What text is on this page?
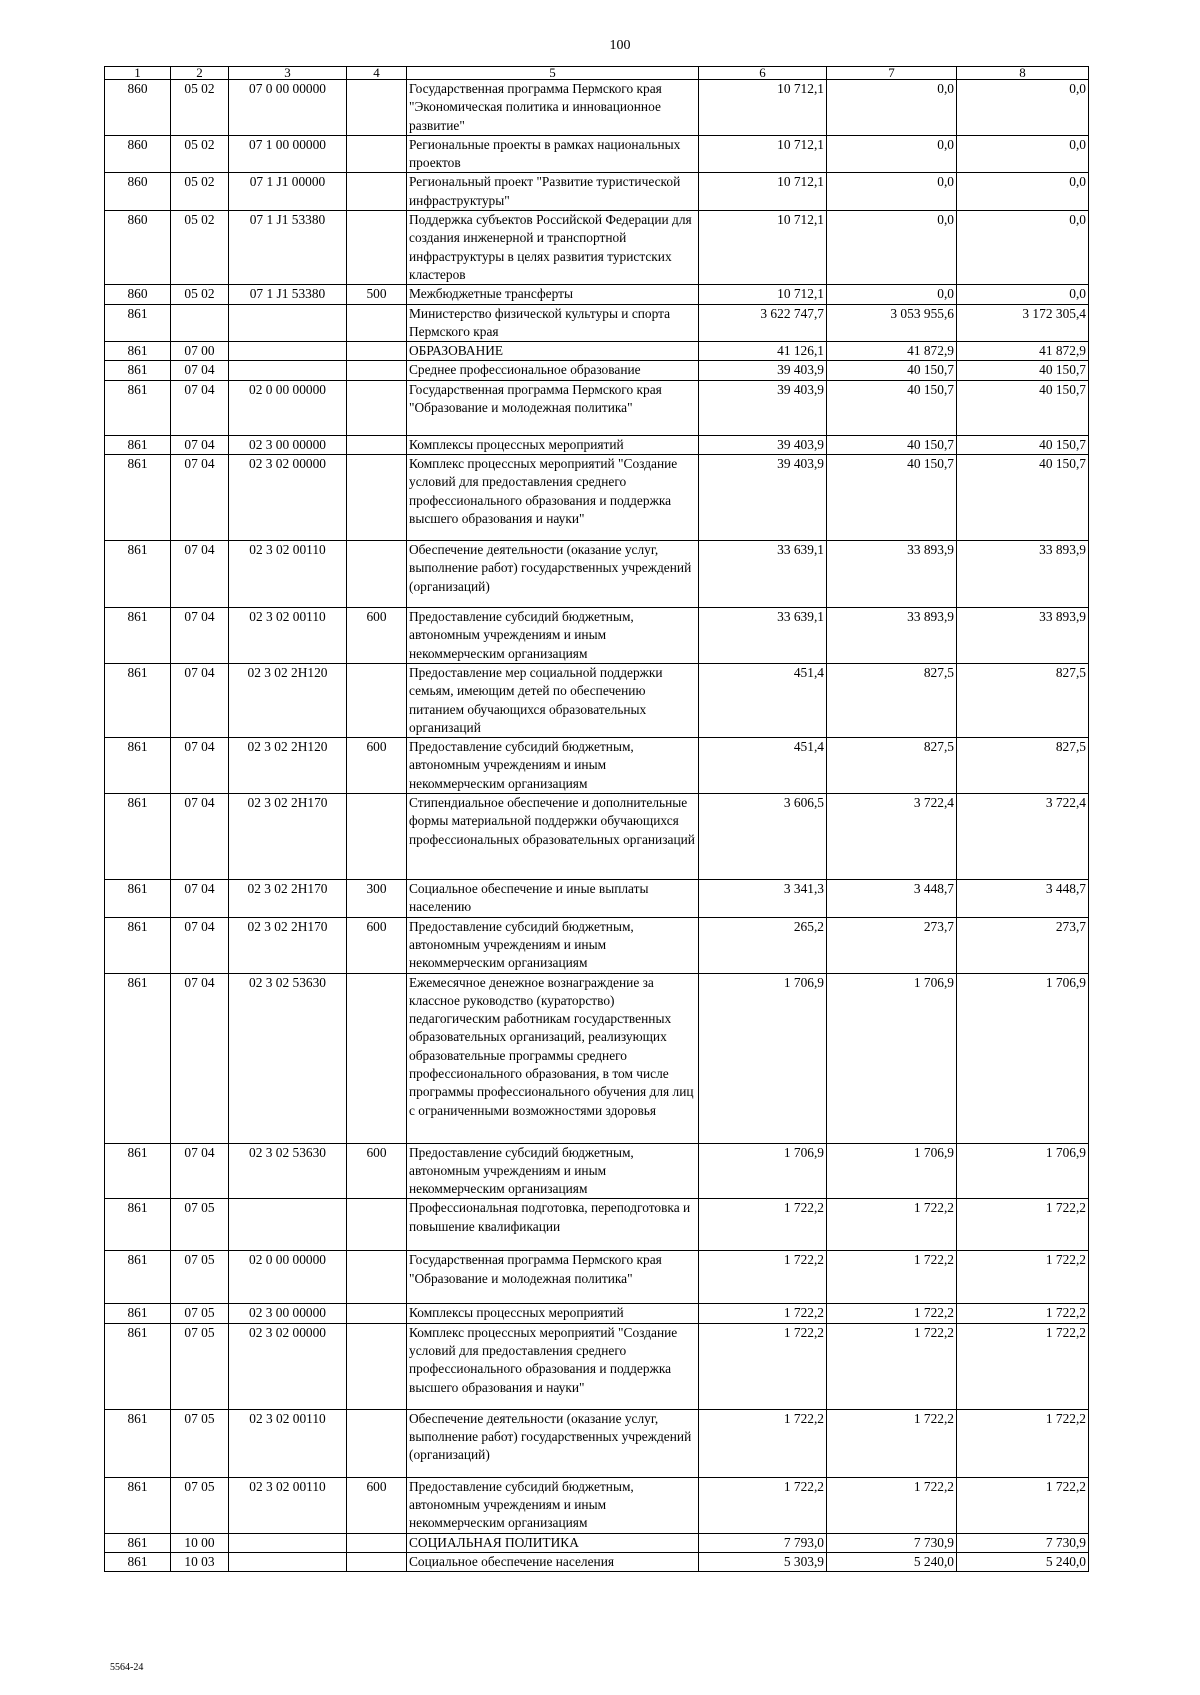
100
1	2	3	4	5	6	7	8
860	05 02	07 0 00 00000		Государственная программа Пермского края "Экономическая политика и инновационное развитие"	10 712,1	0,0	0,0
860	05 02	07 1 00 00000		Региональные проекты в рамках национальных проектов	10 712,1	0,0	0,0
860	05 02	07 1 J1 00000		Региональный проект "Развитие туристической инфраструктуры"	10 712,1	0,0	0,0
860	05 02	07 1 J1 53380		Поддержка субъектов Российской Федерации для создания инженерной и транспортной инфраструктуры в целях развития туристских кластеров	10 712,1	0,0	0,0
860	05 02	07 1 J1 53380	500	Межбюджетные трансферты	10 712,1	0,0	0,0
861				Министерство физической культуры и спорта Пермского края	3 622 747,7	3 053 955,6	3 172 305,4
861	07 00			ОБРАЗОВАНИЕ	41 126,1	41 872,9	41 872,9
861	07 04			Среднее профессиональное образование	39 403,9	40 150,7	40 150,7
861	07 04	02 0 00 00000		Государственная программа Пермского края "Образование и молодежная политика"	39 403,9	40 150,7	40 150,7
861	07 04	02 3 00 00000		Комплексы процессных мероприятий	39 403,9	40 150,7	40 150,7
861	07 04	02 3 02 00000		Комплекс процессных мероприятий "Создание условий для предоставления среднего профессионального образования и поддержка высшего образования и науки"	39 403,9	40 150,7	40 150,7
861	07 04	02 3 02 00110		Обеспечение деятельности (оказание услуг, выполнение работ) государственных учреждений (организаций)	33 639,1	33 893,9	33 893,9
861	07 04	02 3 02 00110	600	Предоставление субсидий бюджетным, автономным учреждениям и иным некоммерческим организациям	33 639,1	33 893,9	33 893,9
861	07 04	02 3 02 2Н120		Предоставление мер социальной поддержки семьям, имеющим детей по обеспечению питанием обучающихся образовательных организаций	451,4	827,5	827,5
861	07 04	02 3 02 2Н120	600	Предоставление субсидий бюджетным, автономным учреждениям и иным некоммерческим организациям	451,4	827,5	827,5
861	07 04	02 3 02 2Н170		Стипендиальное обеспечение и дополнительные формы материальной поддержки обучающихся профессиональных образовательных организаций	3 606,5	3 722,4	3 722,4
861	07 04	02 3 02 2Н170	300	Социальное обеспечение и иные выплаты населению	3 341,3	3 448,7	3 448,7
861	07 04	02 3 02 2Н170	600	Предоставление субсидий бюджетным, автономным учреждениям и иным некоммерческим организациям	265,2	273,7	273,7
861	07 04	02 3 02 53630		Ежемесячное денежное вознаграждение за классное руководство (кураторство) педагогическим работникам государственных образовательных организаций, реализующих образовательные программы среднего профессионального образования, в том числе программы профессионального обучения для лиц с ограниченными возможностями здоровья	1 706,9	1 706,9	1 706,9
861	07 04	02 3 02 53630	600	Предоставление субсидий бюджетным, автономным учреждениям и иным некоммерческим организациям	1 706,9	1 706,9	1 706,9
861	07 05			Профессиональная подготовка, переподготовка и повышение квалификации	1 722,2	1 722,2	1 722,2
861	07 05	02 0 00 00000		Государственная программа Пермского края "Образование и молодежная политика"	1 722,2	1 722,2	1 722,2
861	07 05	02 3 00 00000		Комплексы процессных мероприятий	1 722,2	1 722,2	1 722,2
861	07 05	02 3 02 00000		Комплекс процессных мероприятий "Создание условий для предоставления среднего профессионального образования и поддержка высшего образования и науки"	1 722,2	1 722,2	1 722,2
861	07 05	02 3 02 00110		Обеспечение деятельности (оказание услуг, выполнение работ) государственных учреждений (организаций)	1 722,2	1 722,2	1 722,2
861	07 05	02 3 02 00110	600	Предоставление субсидий бюджетным, автономным учреждениям и иным некоммерческим организациям	1 722,2	1 722,2	1 722,2
861	10 00			СОЦИАЛЬНАЯ ПОЛИТИКА	7 793,0	7 730,9	7 730,9
861	10 03			Социальное обеспечение населения	5 303,9	5 240,0	5 240,0
5564-24
